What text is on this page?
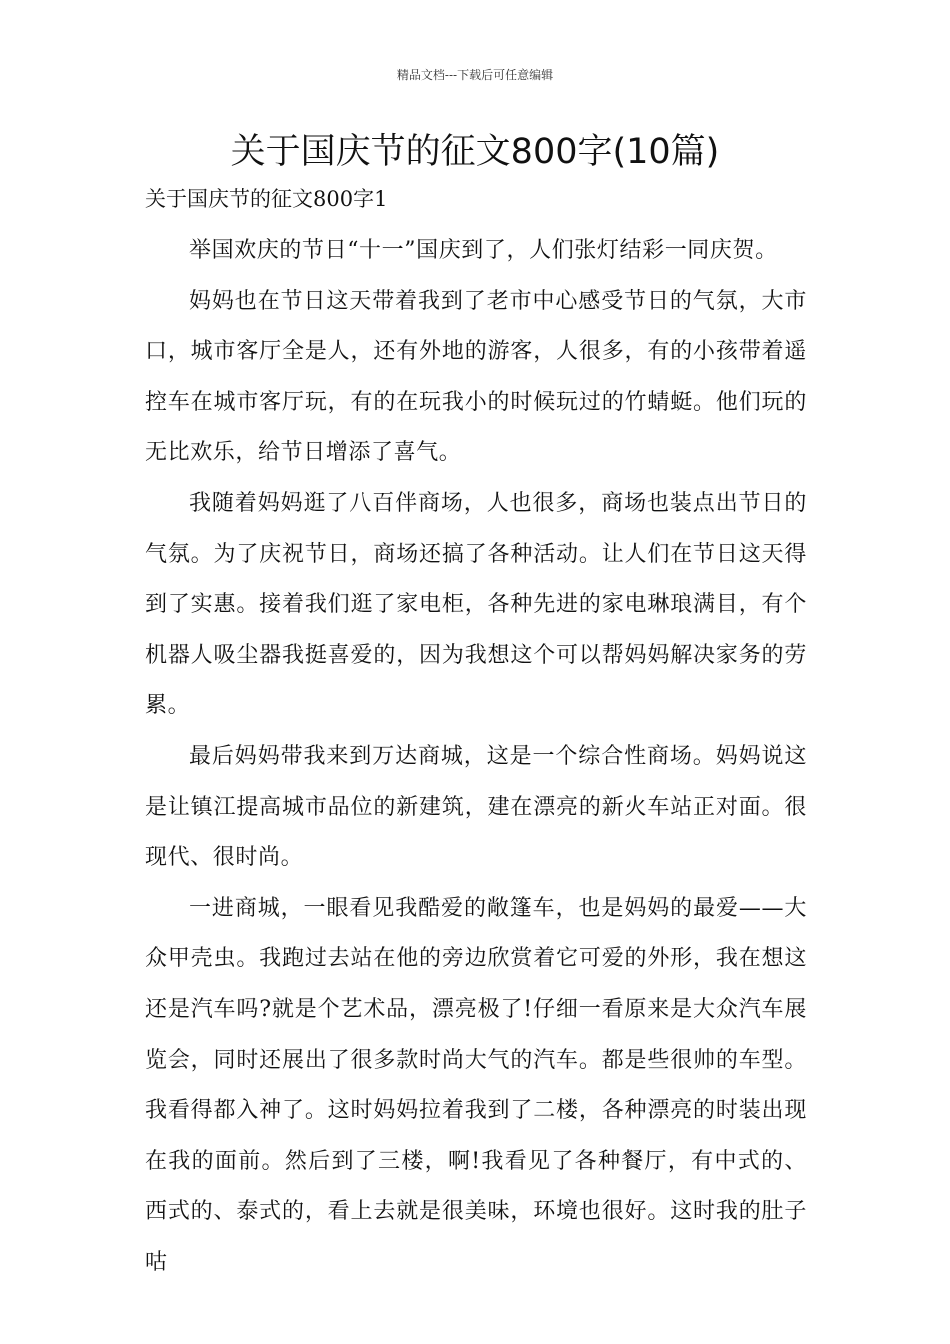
精品文档---下载后可任意编辑
关于国庆节的征文800字(10篇)
关于国庆节的征文800字1

举国欢庆的节日“十一”国庆到了，人们张灯结彩一同庆贺。

妈妈也在节日这天带着我到了老市中心感受节日的气氛，大市口，城市客厅全是人，还有外地的游客，人很多，有的小孩带着遥控车在城市客厅玩，有的在玩我小的时候玩过的竹蜻蜓。他们玩的无比欢乐，给节日增添了喜气。

我随着妈妈逛了八百伴商场，人也很多，商场也装点出节日的气氛。为了庆祝节日，商场还搞了各种活动。让人们在节日这天得到了实惠。接着我们逛了家电柜，各种先进的家电琳琅满目，有个机器人吸尘器我挺喜爱的，因为我想这个可以帮妈妈解决家务的劳累。

最后妈妈带我来到万达商城，这是一个综合性商场。妈妈说这是让镇江提高城市品位的新建筑，建在漂亮的新火车站正对面。很现代、很时尚。

一进商城，一眼看见我酷爱的敞篷车，也是妈妈的最爱——大众甲壳虫。我跑过去站在他的旁边欣赏着它可爱的外形，我在想这还是汽车吗?就是个艺术品，漂亮极了!仔细一看原来是大众汽车展览会，同时还展出了很多款时尚大气的汽车。都是些很帅的车型。我看得都入神了。这时妈妈拉着我到了二楼，各种漂亮的时装出现在我的面前。然后到了三楼，啊!我看见了各种餐厅，有中式的、西式的、泰式的，看上去就是很美味，环境也很好。这时我的肚子咕
